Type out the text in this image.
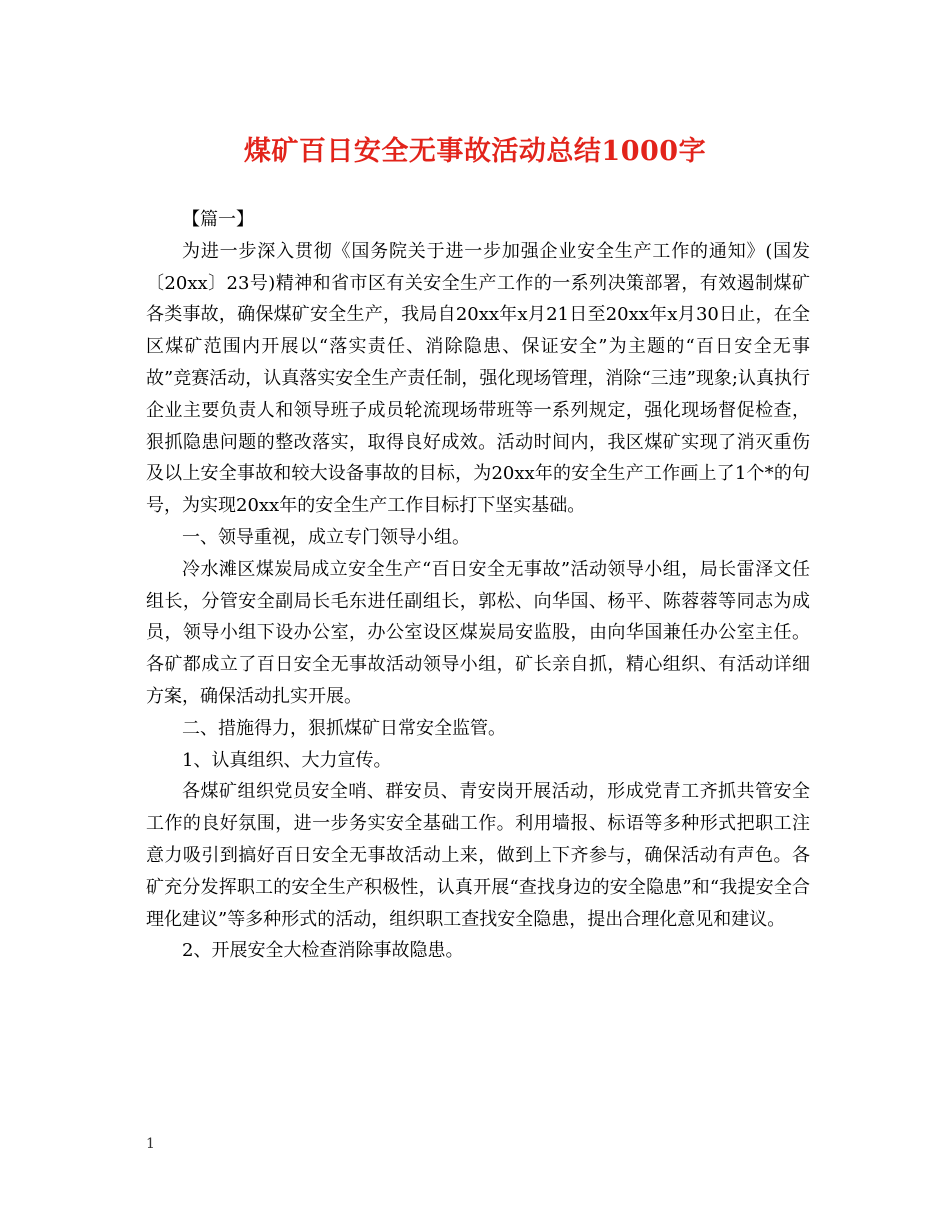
煤矿百日安全无事故活动总结1000字

【篇一】

为进一步深入贯彻《国务院关于进一步加强企业安全生产工作的通知》(国发〔20xx〕23号)精神和省市区有关安全生产工作的一系列决策部署，有效遏制煤矿各类事故，确保煤矿安全生产，我局自20xx年x月21日至20xx年x月30日止，在全区煤矿范围内开展以“落实责任、消除隐患、保证安全”为主题的“百日安全无事故”竞赛活动，认真落实安全生产责任制，强化现场管理，消除“三违”现象;认真执行企业主要负责人和领导班子成员轮流现场带班等一系列规定，强化现场督促检查，狠抓隐患问题的整改落实，取得良好成效。活动时间内，我区煤矿实现了消灭重伤及以上安全事故和较大设备事故的目标，为20xx年的安全生产工作画上了1个*的句号，为实现20xx年的安全生产工作目标打下坚实基础。

一、领导重视，成立专门领导小组。

冷水滩区煤炭局成立安全生产“百日安全无事故”活动领导小组，局长雷泽文任组长，分管安全副局长毛东进任副组长，郭松、向华国、杨平、陈蓉蓉等同志为成员，领导小组下设办公室，办公室设区煤炭局安监股，由向华国兼任办公室主任。各矿都成立了百日安全无事故活动领导小组，矿长亲自抓，精心组织、有活动详细方案，确保活动扎实开展。

二、措施得力，狠抓煤矿日常安全监管。

1、认真组织、大力宣传。

各煤矿组织党员安全哨、群安员、青安岗开展活动，形成党青工齐抓共管安全工作的良好氛围，进一步务实安全基础工作。利用墙报、标语等多种形式把职工注意力吸引到搞好百日安全无事故活动上来，做到上下齐参与，确保活动有声色。各矿充分发挥职工的安全生产积极性，认真开展“查找身边的安全隐患”和“我提安全合理化建议”等多种形式的活动，组织职工查找安全隐患，提出合理化意见和建议。

2、开展安全大检查消除事故隐患。

1
